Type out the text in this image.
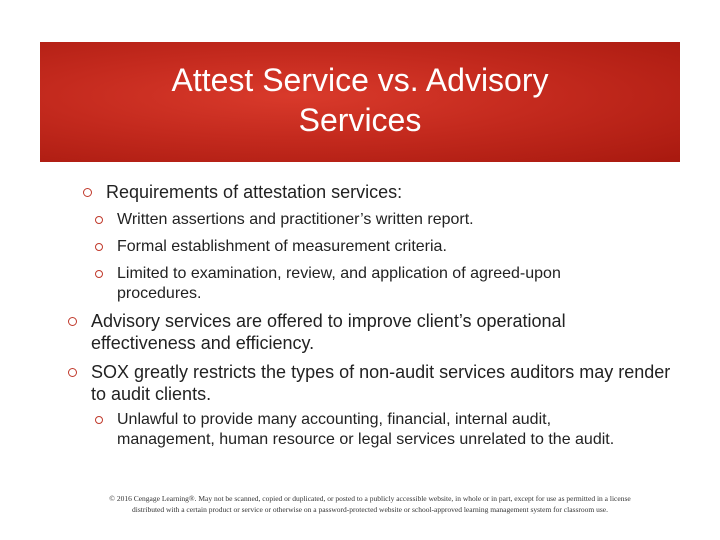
Attest Service vs. Advisory
Services
Requirements of attestation services:
Written assertions and practitioner’s written report.
Formal establishment of measurement criteria.
Limited to examination, review, and application of agreed-upon procedures.
Advisory services are offered to improve client’s operational effectiveness and efficiency.
SOX greatly restricts the types of non-audit services auditors may render to audit clients.
Unlawful to provide many accounting, financial, internal audit, management, human resource or legal services unrelated to the audit.
© 2016 Cengage Learning®. May not be scanned, copied or duplicated, or posted to a publicly accessible website, in whole or in part, except for use as permitted in a license
distributed with a certain product or service or otherwise on a password-protected website or school-approved learning management system for classroom use.
